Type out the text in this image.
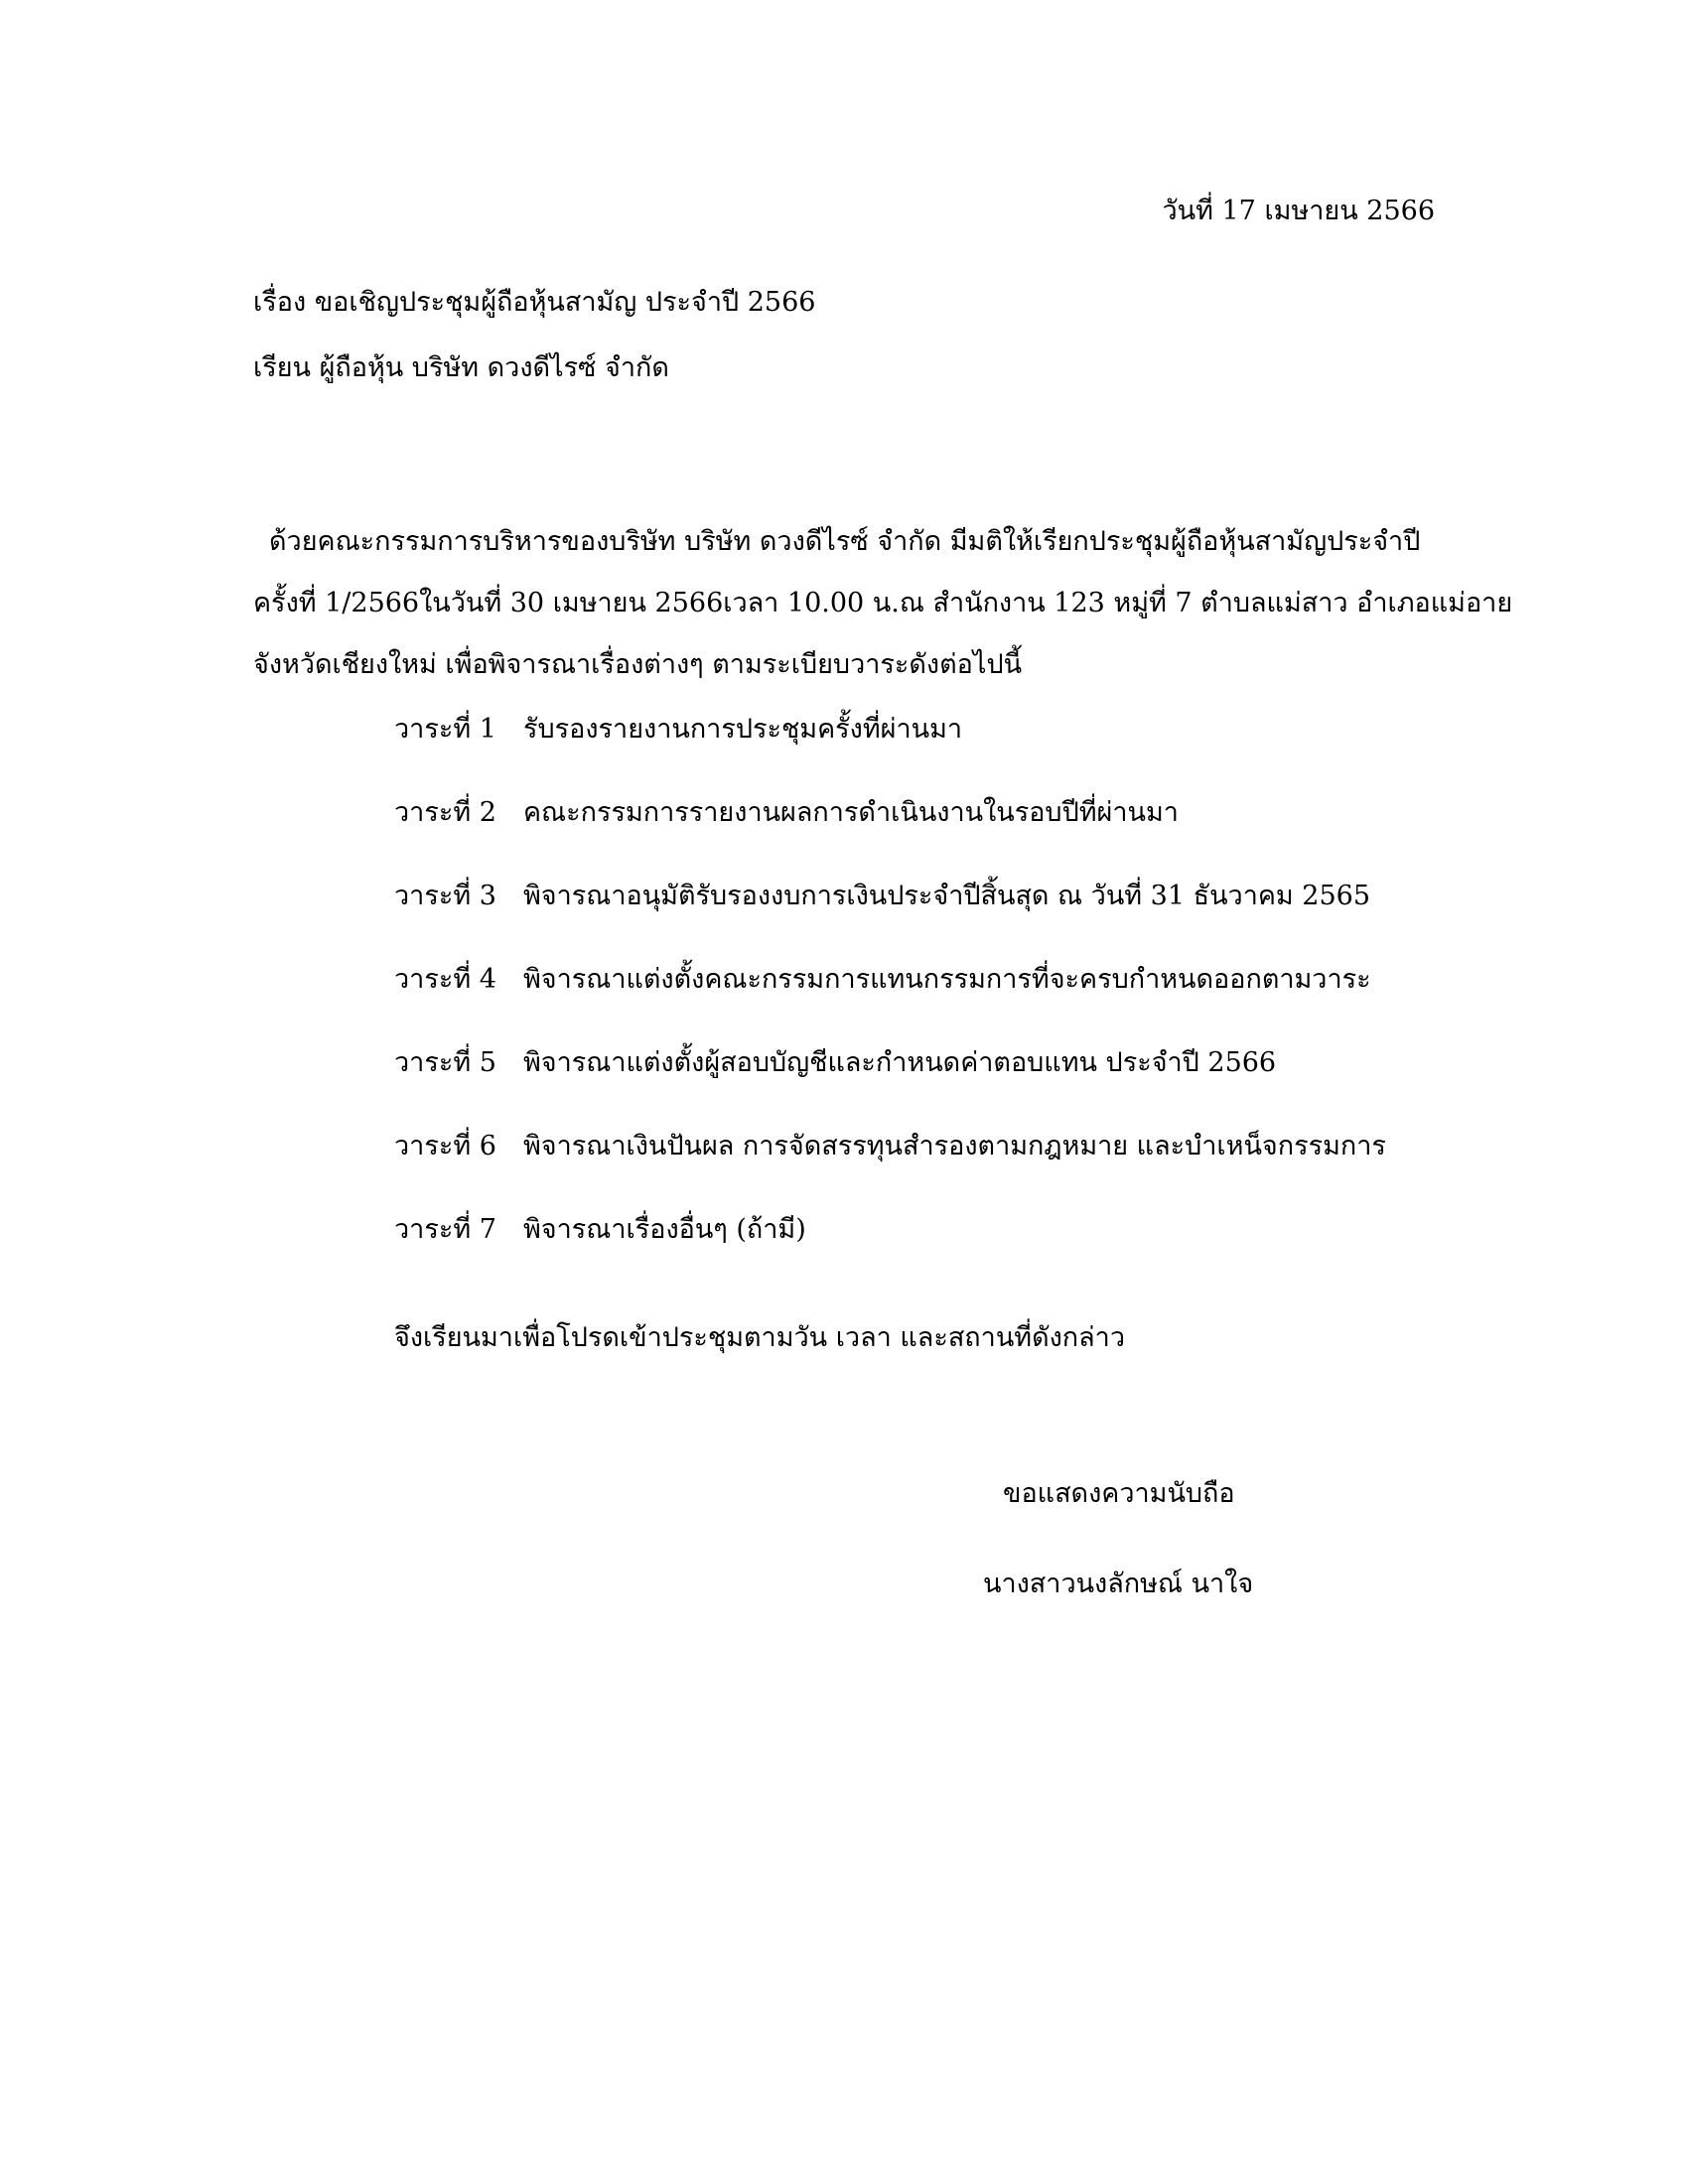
วันที่ 17 เมษายน 2566
เรื่อง ขอเชิญประชุมผู้ถือหุ้นสามัญ ประจำปี 2566
เรียน ผู้ถือหุ้น บริษัท ดวงดีไรซ์ จำกัด
ด้วยคณะกรรมการบริหารของบริษัท บริษัท ดวงดีไรซ์ จำกัด มีมติให้เรียกประชุมผู้ถือหุ้นสามัญประจำปี
ครั้งที่ 1/2566ในวันที่ 30 เมษายน 2566เวลา 10.00 น.ณ สำนักงาน 123 หมู่ที่ 7 ตำบลแม่สาว อำเภอแม่อาย
จังหวัดเชียงใหม่ เพื่อพิจารณาเรื่องต่างๆ ตามระเบียบวาระดังต่อไปนี้
วาระที่ 1 รับรองรายงานการประชุมครั้งที่ผ่านมา
วาระที่ 2 คณะกรรมการรายงานผลการดำเนินงานในรอบปีที่ผ่านมา
วาระที่ 3 พิจารณาอนุมัติรับรองงบการเงินประจำปีสิ้นสุด ณ วันที่ 31 ธันวาคม 2565
วาระที่ 4 พิจารณาแต่งตั้งคณะกรรมการแทนกรรมการที่จะครบกำหนดออกตามวาระ
วาระที่ 5 พิจารณาแต่งตั้งผู้สอบบัญชีและกำหนดค่าตอบแทน ประจำปี 2566
วาระที่ 6 พิจารณาเงินปันผล การจัดสรรทุนสำรองตามกฎหมาย และบำเหน็จกรรมการ
วาระที่ 7 พิจารณาเรื่องอื่นๆ (ถ้ามี)
จึงเรียนมาเพื่อโปรดเข้าประชุมตามวัน เวลา และสถานที่ดังกล่าว
ขอแสดงความนับถือ
นางสาวนงลักษณ์ นาใจ
